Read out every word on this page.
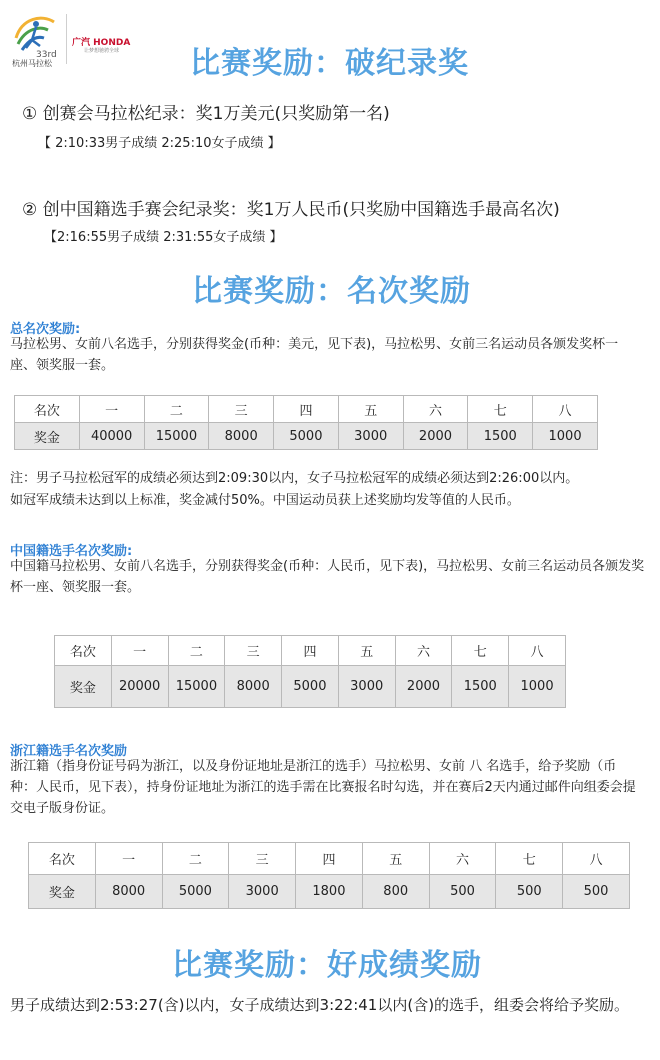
33rd
杭州马拉松
广汽 HONDA
让梦想驰骋全球 比赛奖励：破纪录奖
① 创赛会马拉松纪录：奖1万美元(只奖励第一名)
【 2:10:33男子成绩 2:25:10女子成绩 】
② 创中国籍选手赛会纪录奖：奖1万人民币(只奖励中国籍选手最高名次)
【2:16:55男子成绩 2:31:55女子成绩 】
比赛奖励：名次奖励
总名次奖励:
马拉松男、女前八名选手，分别获得奖金(币种：美元，见下表)，马拉松男、女前三名运动员各颁发奖杯一座、领奖服一套。
名次	一	二	三	四	五	六	七	八
奖金	40000	15000	8000	5000	3000	2000	1500	1000
注：男子马拉松冠军的成绩必须达到2:09:30以内，女子马拉松冠军的成绩必须达到2:26:00以内。
如冠军成绩未达到以上标准，奖金减付50%。中国运动员获上述奖励均发等值的人民币。
中国籍选手名次奖励:
中国籍马拉松男、女前八名选手，分别获得奖金(币种：人民币，见下表)，马拉松男、女前三名运动员各颁发奖杯一座、领奖服一套。
名次	一	二	三	四	五	六	七	八
奖金	20000	15000	8000	5000	3000	2000	1500	1000
浙江籍选手名次奖励
浙江籍（指身份证号码为浙江，以及身份证地址是浙江的选手）马拉松男、女前 八 名选手，给予奖励（币种：人民币，见下表），持身份证地址为浙江的选手需在比赛报名时勾选，并在赛后2天内通过邮件向组委会提交电子版身份证。
名次	一	二	三	四	五	六	七	八
奖金	8000	5000	3000	1800	800	500	500	500
比赛奖励：好成绩奖励
男子成绩达到2:53:27(含)以内，女子成绩达到3:22:41以内(含)的选手，组委会将给予奖励。
